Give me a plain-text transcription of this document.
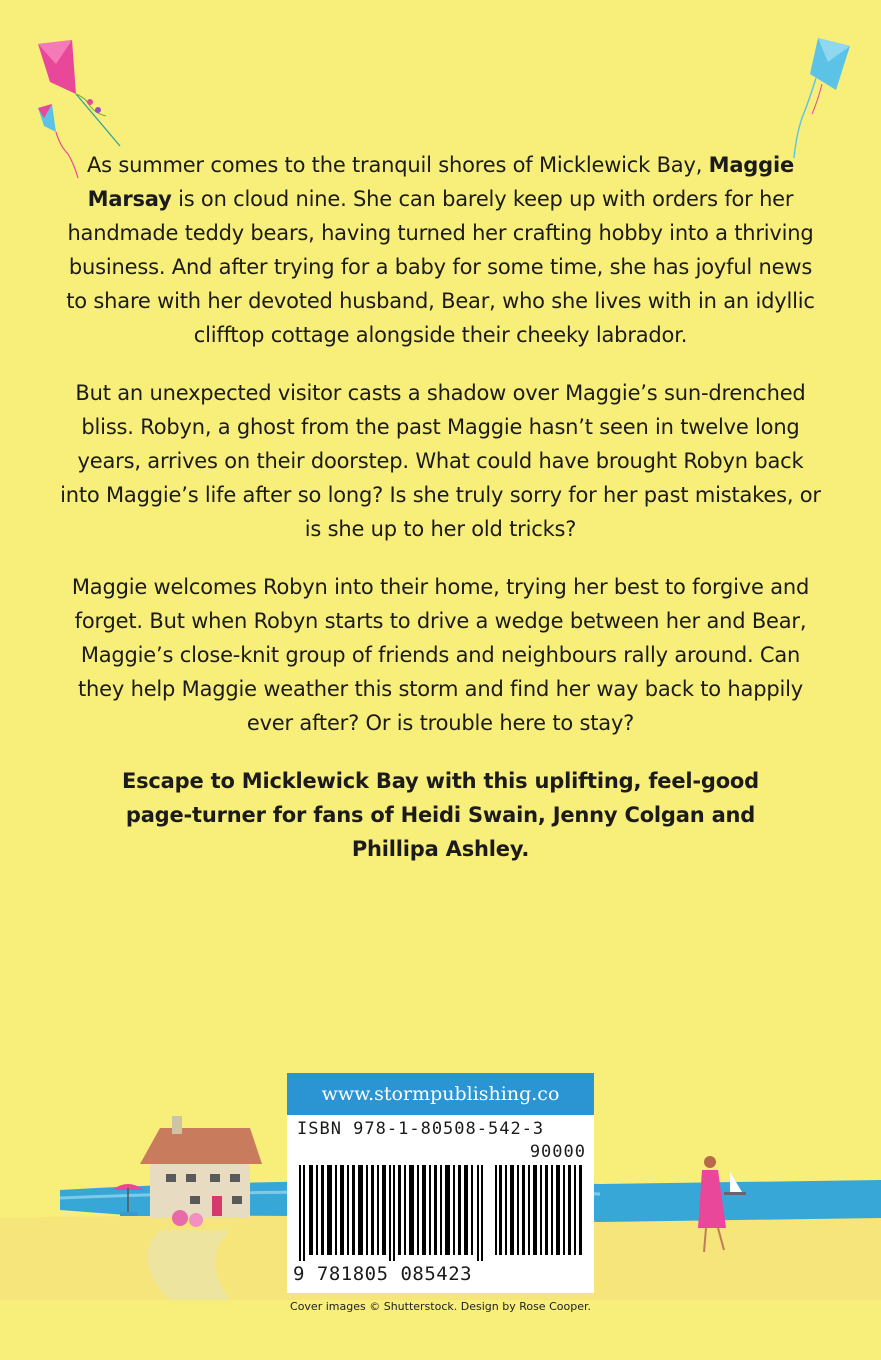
As summer comes to the tranquil shores of Micklewick Bay, Maggie Marsay is on cloud nine. She can barely keep up with orders for her handmade teddy bears, having turned her crafting hobby into a thriving business. And after trying for a baby for some time, she has joyful news to share with her devoted husband, Bear, who she lives with in an idyllic clifftop cottage alongside their cheeky labrador.

But an unexpected visitor casts a shadow over Maggie’s sun-drenched bliss. Robyn, a ghost from the past Maggie hasn’t seen in twelve long years, arrives on their doorstep. What could have brought Robyn back into Maggie’s life after so long? Is she truly sorry for her past mistakes, or is she up to her old tricks?

Maggie welcomes Robyn into their home, trying her best to forgive and forget. But when Robyn starts to drive a wedge between her and Bear, Maggie’s close-knit group of friends and neighbours rally around. Can they help Maggie weather this storm and find her way back to happily ever after? Or is trouble here to stay?

Escape to Micklewick Bay with this uplifting, feel-good page-turner for fans of Heidi Swain, Jenny Colgan and Phillipa Ashley.

www.stormpublishing.co
ISBN 978-1-80508-542-3
90000
9 781805 085423
Cover images © Shutterstock. Design by Rose Cooper.
